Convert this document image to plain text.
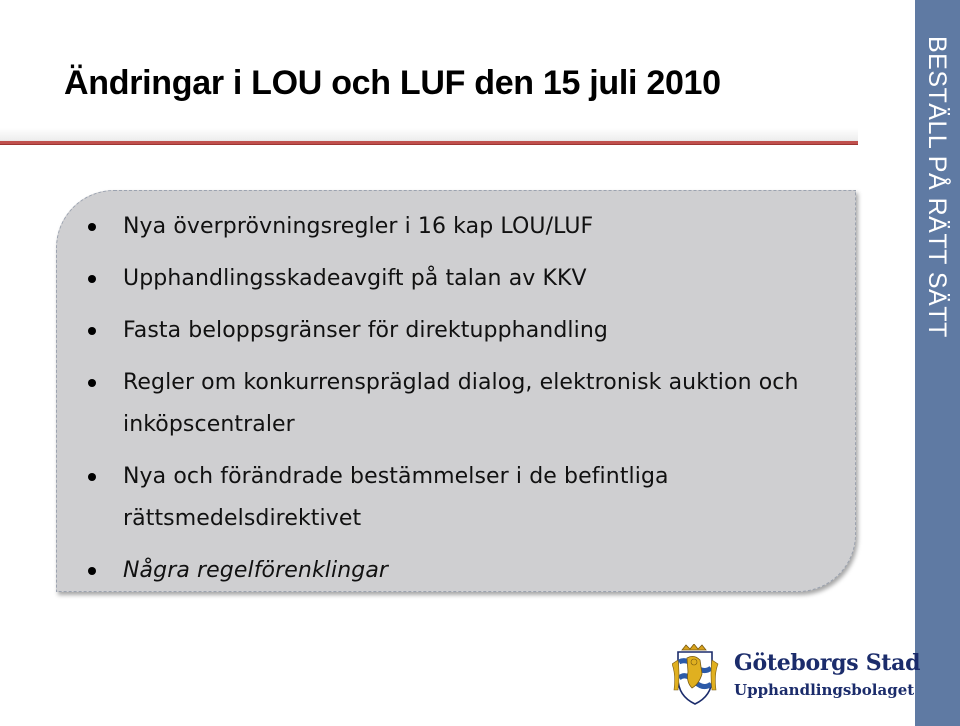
Ändringar i LOU och LUF den 15 juli 2010
Nya överprövningsregler i 16 kap LOU/LUF
Upphandlingsskadeavgift på talan av KKV
Fasta beloppsgränser för direktupphandling
Regler om konkurrenspräglad dialog, elektronisk auktion och inköpscentraler
Nya och förändrade bestämmelser i de befintliga rättsmedelsdirektivet
Några regelförenklingar
BESTÄLL PÅ RÄTT SÄTT
Göteborgs Stad
Upphandlingsbolaget
